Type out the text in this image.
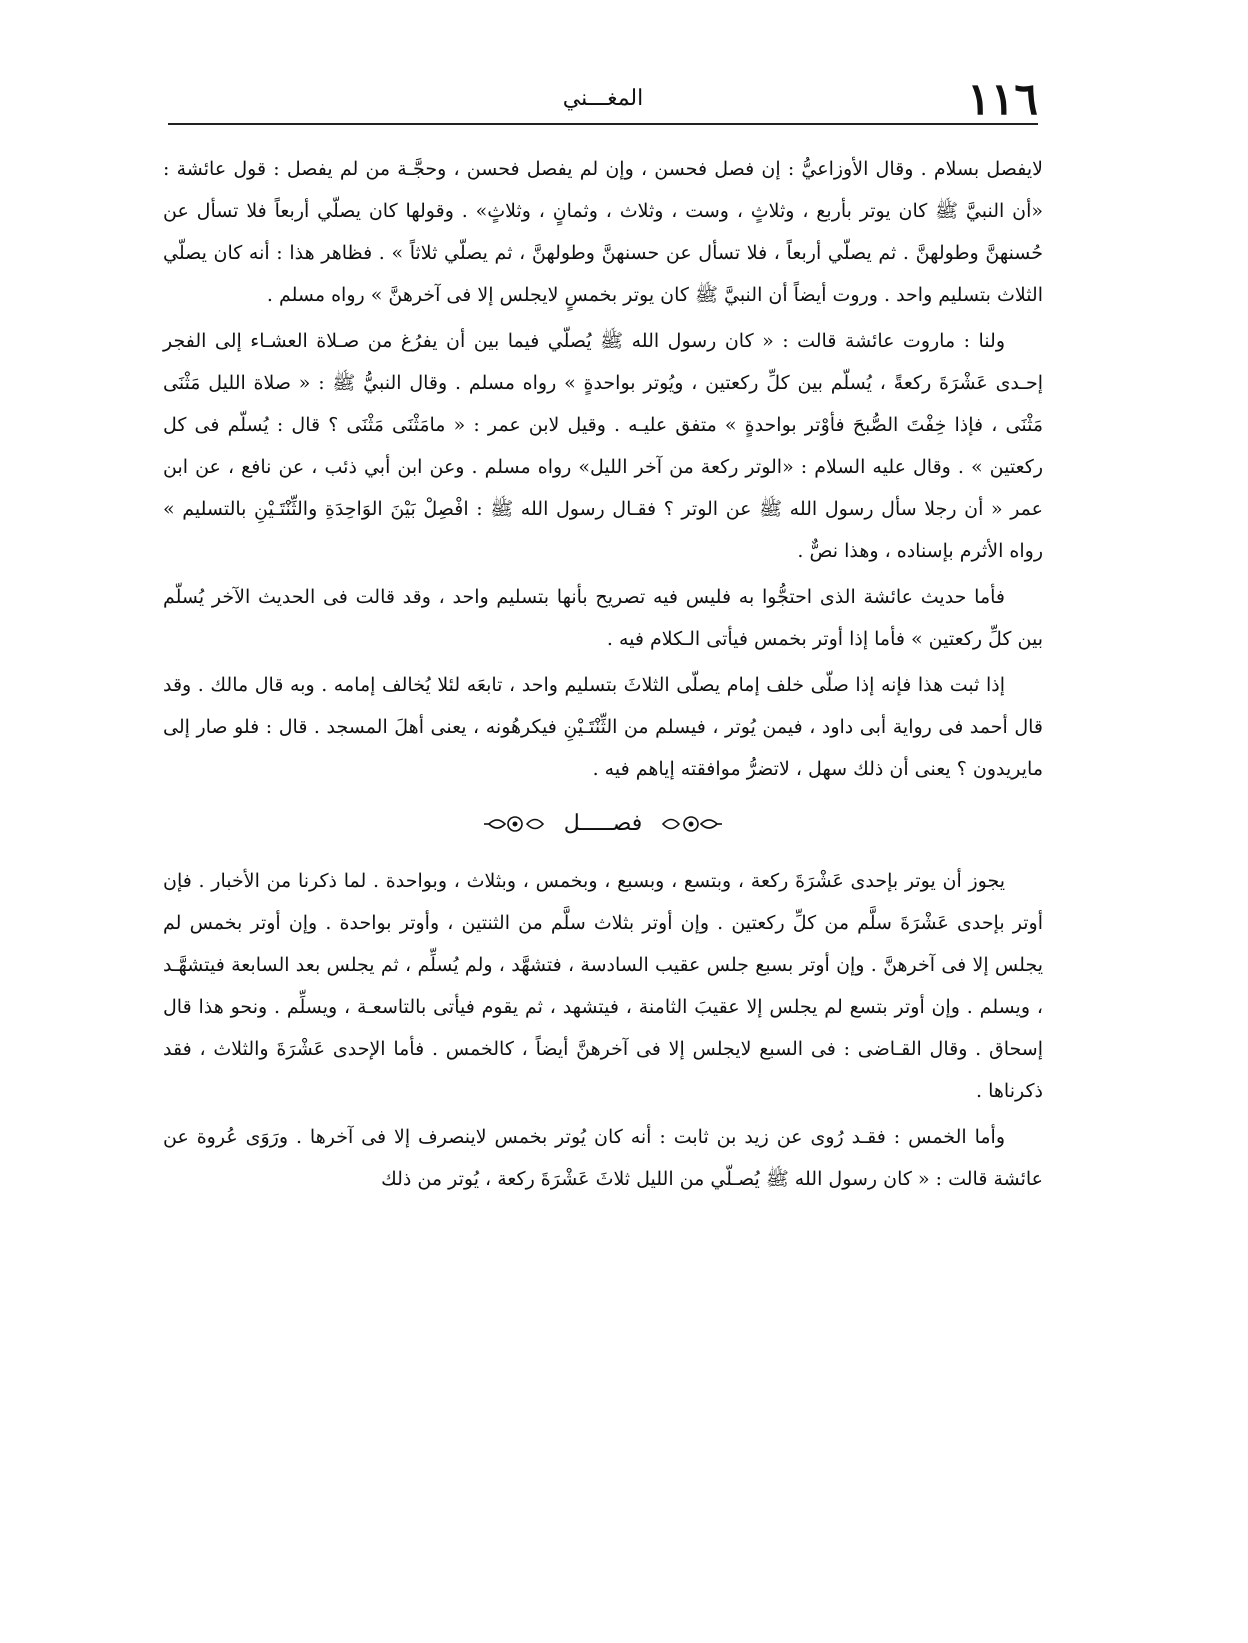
١١٦
المغـــني

لايفصل بسلام . وقال الأوزاعيُّ : إن فصل فحسن ، وإن لم يفصل فحسن ، وحجَّـة من لم يفصل : قول عائشة : «أن النبيَّ ﷺ كان يوتر بأربع ، وثلاثٍ ، وست ، وثلاث ، وثمانٍ ، وثلاثٍ» . وقولها كان يصلّي أربعاً فلا تسأل عن حُسنهنَّ وطولهنَّ . ثم يصلّي أربعاً ، فلا تسأل عن حسنهنَّ وطولهنَّ ، ثم يصلّي ثلاثاً » . فظاهر هذا : أنه كان يصلّي الثلاث بتسليم واحد . وروت أيضاً أن النبيَّ ﷺ كان يوتر بخمسٍ لايجلس إلا فى آخرهنَّ » رواه مسلم .

ولنا : ماروت عائشة قالت : « كان رسول الله ﷺ يُصلّي فيما بين أن يفرُغ من صـلاة العشـاء إلى الفجر إحـدى عَشْرَةَ ركعةً ، يُسلّم بين كلِّ ركعتين ، ويُوتر بواحدةٍ » رواه مسلم . وقال النبيُّ ﷺ : « صلاة الليل مَثْنَى مَثْنَى ، فإذا خِفْتَ الصُّبحَ فأوْتر بواحدةٍ » متفق عليـه . وقيل لابن عمر : « مامَثْنَى مَثْنَى ؟ قال : يُسلّم فى كل ركعتين » . وقال عليه السلام : «الوتر ركعة من آخر الليل» رواه مسلم . وعن ابن أبي ذئب ، عن نافع ، عن ابن عمر « أن رجلا سأل رسول الله ﷺ عن الوتر ؟ فقـال رسول الله ﷺ : افْصِلْ بَيْنَ الوَاحِدَةِ والثِّنْتَـيْنِ بالتسليم » رواه الأثرم بإسناده ، وهذا نصٌّ .

فأما حديث عائشة الذى احتجُّوا به فليس فيه تصريح بأنها بتسليم واحد ، وقد قالت فى الحديث الآخر يُسلّم بين كلِّ ركعتين » فأما إذا أوتر بخمس فيأتى الـكلام فيه .

إذا ثبت هذا فإنه إذا صلّى خلف إمام يصلّى الثلاثَ بتسليم واحد ، تابعَه لئلا يُخالف إمامه . وبه قال مالك . وقد قال أحمد فى رواية أبى داود ، فيمن يُوتر ، فيسلم من الثِّنْتَـيْنِ فيكرهُونه ، يعنى أهلَ المسجد . قال : فلو صار إلى مايريدون ؟ يعنى أن ذلك سهل ، لاتضرُّ موافقته إياهم فيه .

فصـــــل

يجوز أن يوتر بإحدى عَشْرَةَ ركعة ، وبتسع ، وبسبع ، وبخمس ، وبثلاث ، وبواحدة . لما ذكرنا من الأخبار . فإن أوتر بإحدى عَشْرَةَ سلَّم من كلِّ ركعتين . وإن أوتر بثلاث سلَّم من الثنتين ، وأوتر بواحدة . وإن أوتر بخمس لم يجلس إلا فى آخرهنَّ . وإن أوتر بسبع جلس عقيب السادسة ، فتشهَّد ، ولم يُسلِّم ، ثم يجلس بعد السابعة فيتشهَّـد ، ويسلم . وإن أوتر بتسع لم يجلس إلا عقيبَ الثامنة ، فيتشهد ، ثم يقوم فيأتى بالتاسعـة ، ويسلِّم . ونحو هذا قال إسحاق . وقال القـاضى : فى السبع لايجلس إلا فى آخرهنَّ أيضاً ، كالخمس . فأما الإحدى عَشْرَةَ والثلاث ، فقد ذكرناها .

وأما الخمس : فقـد رُوى عن زيد بن ثابت : أنه كان يُوتر بخمس لاينصرف إلا فى آخرها . ورَوَى عُروة عن عائشة قالت : « كان رسول الله ﷺ يُصـلّي من الليل ثلاثَ عَشْرَةَ ركعة ، يُوتر من ذلك
